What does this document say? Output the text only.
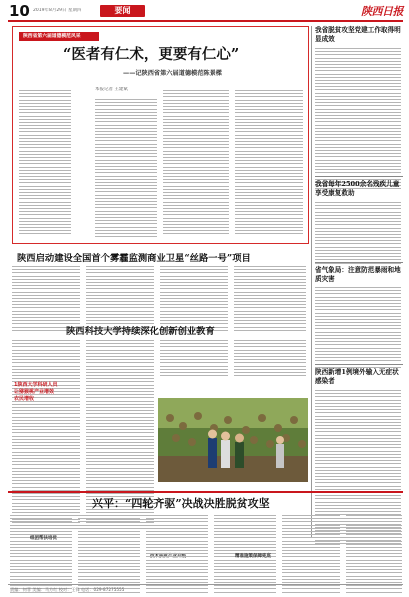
10 2019年8月29日 星期四	要闻	陕西日报
陕西省第六届道德模范风采
“医者有仁术，更要有仁心”
——记陕西省第六届道德模范陈景樑
本报记者 王建斌
我省脱贫攻坚党建工作取得明显成效
我省每年2500余名残疾儿童享受康复救助
省气象局：注意防范暴雨和地质灾害
陕西新增1例境外输入无症状感染者
陕西启动建设全国首个雾霾监测商业卫星“丝路一号”项目
陕西科技大学持续深化创新创业教育
1陕西大学科研人员
让猕猴桃产业增效
农民增收
兴平：“四轮齐驱”决战决胜脱贫攻坚
组团帮扶培优
精准施策保障兜底
责编：何菲 美编：马方红 校对：王锋 电话：029-87275555
